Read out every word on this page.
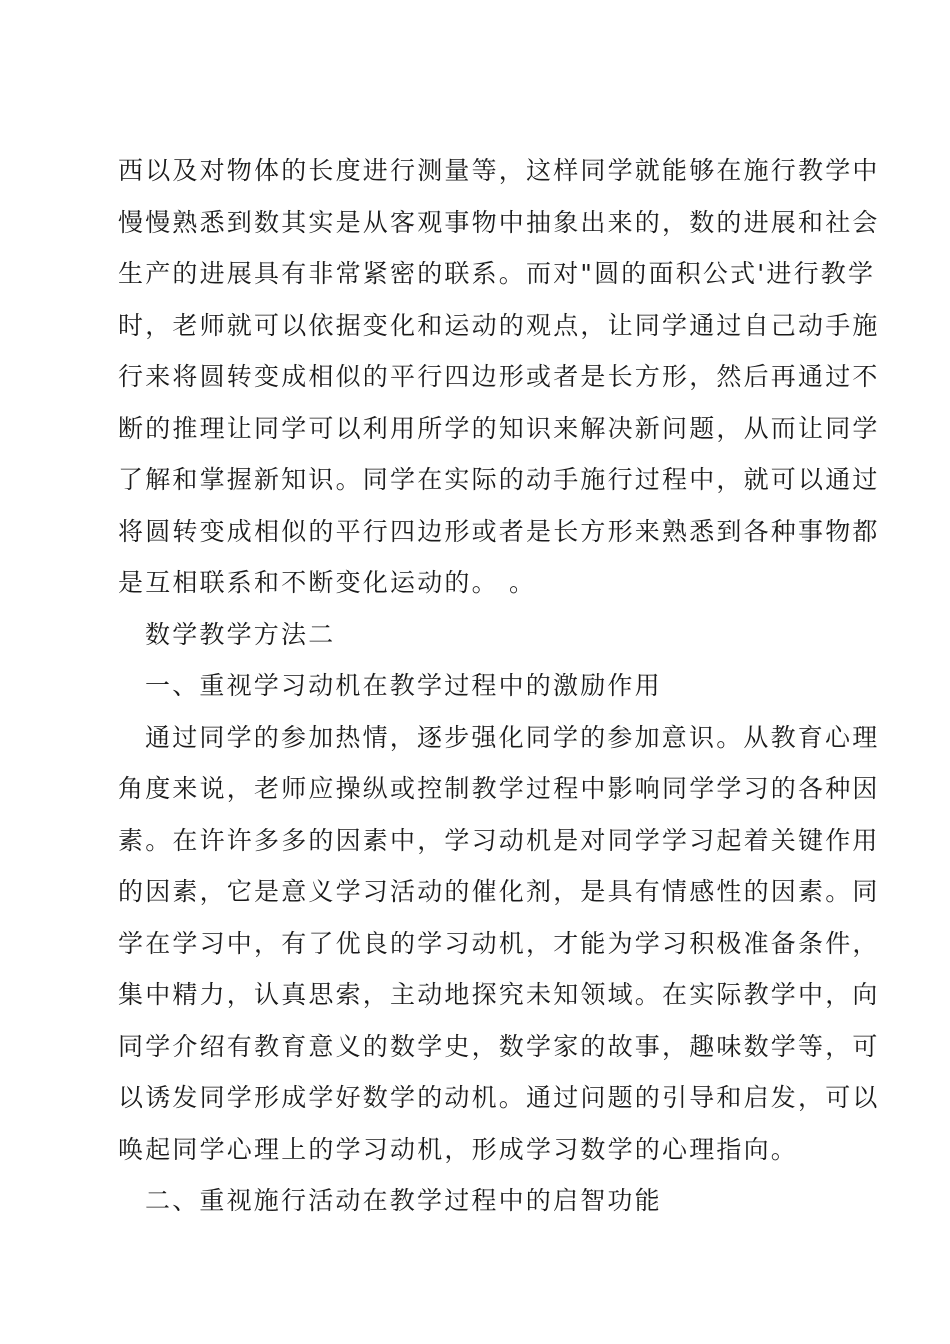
西以及对物体的长度进行测量等，这样同学就能够在施行教学中
慢慢熟悉到数其实是从客观事物中抽象出来的，数的进展和社会
生产的进展具有非常紧密的联系。而对"圆的面积公式'进行教学
时，老师就可以依据变化和运动的观点，让同学通过自己动手施
行来将圆转变成相似的平行四边形或者是长方形，然后再通过不
断的推理让同学可以利用所学的知识来解决新问题，从而让同学
了解和掌握新知识。同学在实际的动手施行过程中，就可以通过
将圆转变成相似的平行四边形或者是长方形来熟悉到各种事物都
是互相联系和不断变化运动的。 。
数学教学方法二
一、重视学习动机在教学过程中的激励作用
通过同学的参加热情，逐步强化同学的参加意识。从教育心理
角度来说，老师应操纵或控制教学过程中影响同学学习的各种因
素。在许许多多的因素中，学习动机是对同学学习起着关键作用
的因素，它是意义学习活动的催化剂，是具有情感性的因素。同
学在学习中，有了优良的学习动机，才能为学习积极准备条件，
集中精力，认真思索，主动地探究未知领域。在实际教学中，向
同学介绍有教育意义的数学史，数学家的故事，趣味数学等，可
以诱发同学形成学好数学的动机。通过问题的引导和启发，可以
唤起同学心理上的学习动机，形成学习数学的心理指向。
二、重视施行活动在教学过程中的启智功能
